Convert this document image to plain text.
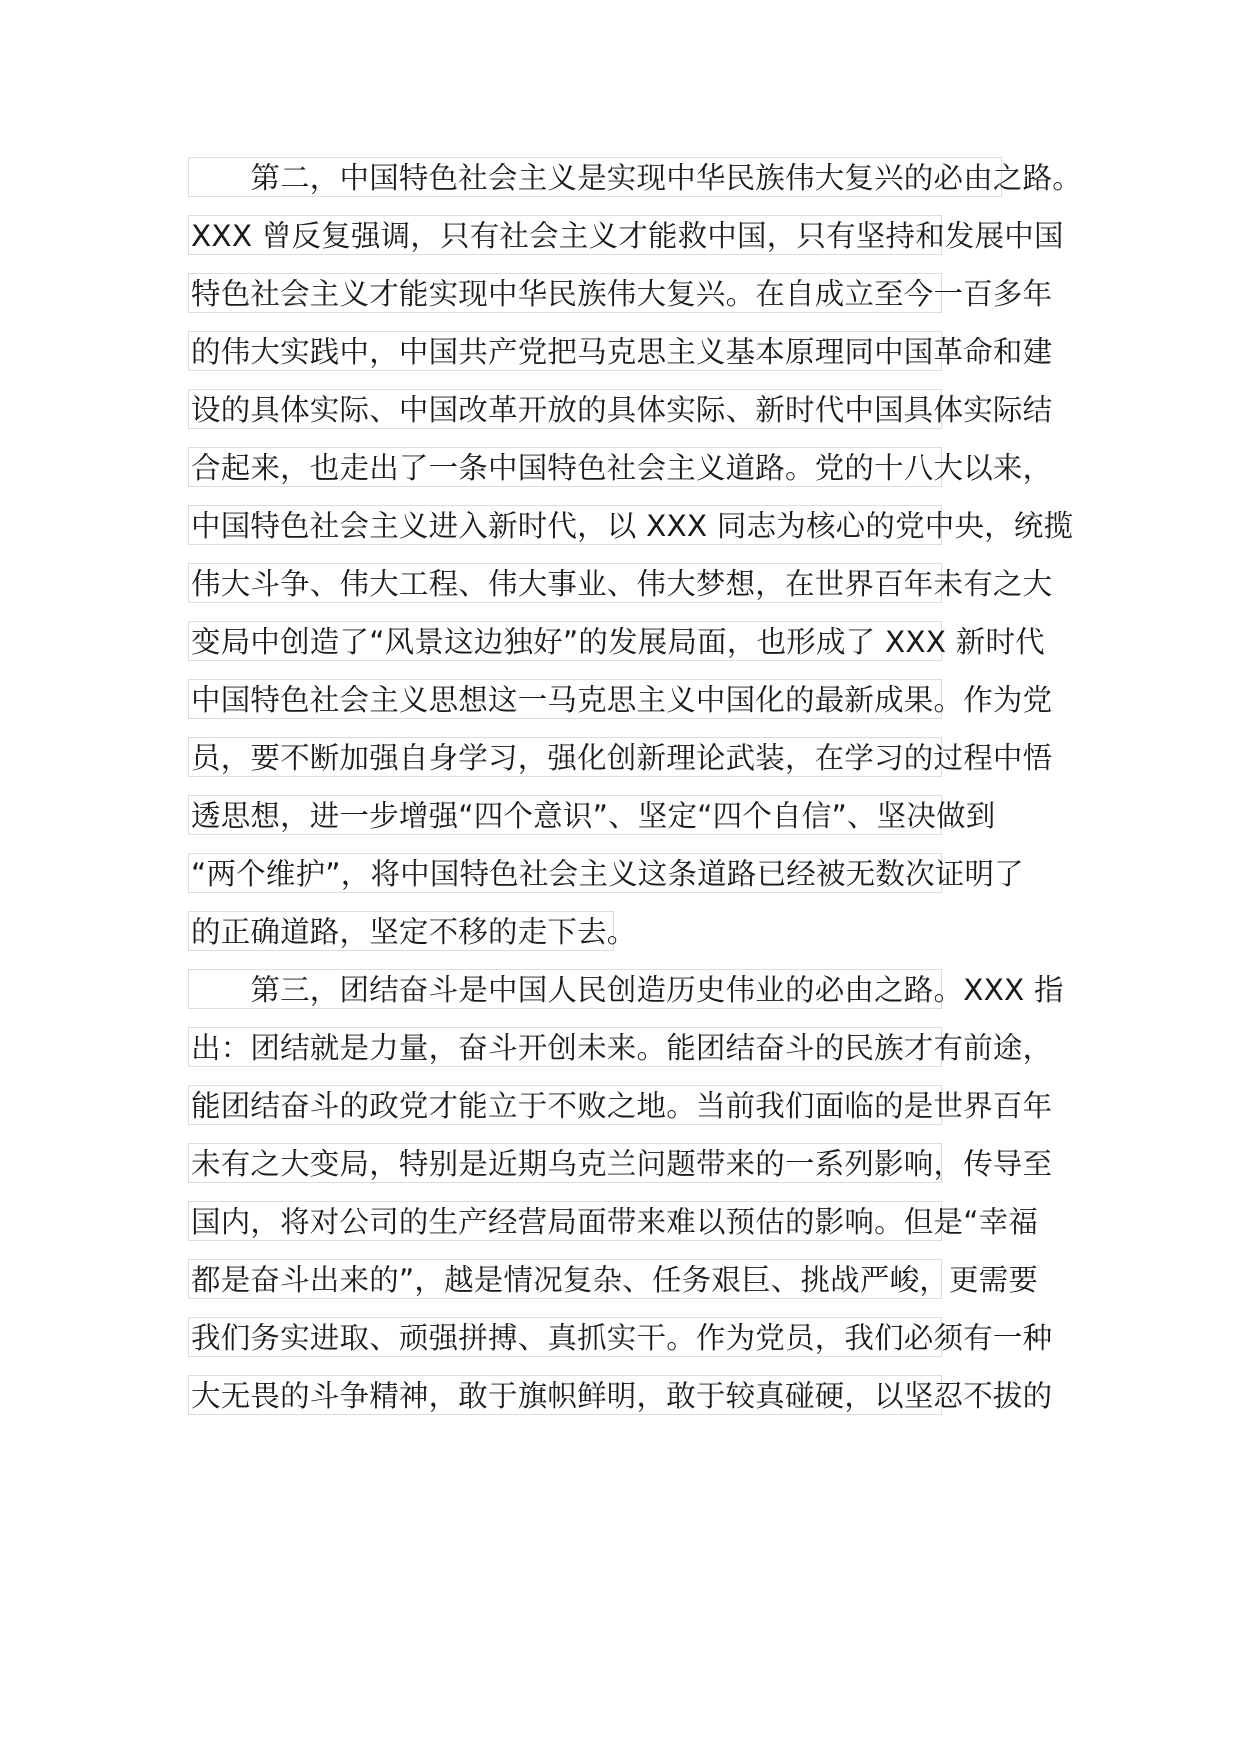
　　第二，中国特色社会主义是实现中华民族伟大复兴的必由之路。
XXX 曾反复强调，只有社会主义才能救中国，只有坚持和发展中国
特色社会主义才能实现中华民族伟大复兴。在自成立至今一百多年
的伟大实践中，中国共产党把马克思主义基本原理同中国革命和建
设的具体实际、中国改革开放的具体实际、新时代中国具体实际结
合起来，也走出了一条中国特色社会主义道路。党的十八大以来，
中国特色社会主义进入新时代，以 XXX 同志为核心的党中央，统揽
伟大斗争、伟大工程、伟大事业、伟大梦想，在世界百年未有之大
变局中创造了“风景这边独好”的发展局面，也形成了 XXX 新时代
中国特色社会主义思想这一马克思主义中国化的最新成果。作为党
员，要不断加强自身学习，强化创新理论武装，在学习的过程中悟
透思想，进一步增强“四个意识”、坚定“四个自信”、坚决做到
“两个维护”，将中国特色社会主义这条道路已经被无数次证明了
的正确道路，坚定不移的走下去。
　　第三，团结奋斗是中国人民创造历史伟业的必由之路。XXX 指
出：团结就是力量，奋斗开创未来。能团结奋斗的民族才有前途，
能团结奋斗的政党才能立于不败之地。当前我们面临的是世界百年
未有之大变局，特别是近期乌克兰问题带来的一系列影响，传导至
国内，将对公司的生产经营局面带来难以预估的影响。但是“幸福
都是奋斗出来的”，越是情况复杂、任务艰巨、挑战严峻，更需要
我们务实进取、顽强拼搏、真抓实干。作为党员，我们必须有一种
大无畏的斗争精神，敢于旗帜鲜明，敢于较真碰硬，以坚忍不拔的
